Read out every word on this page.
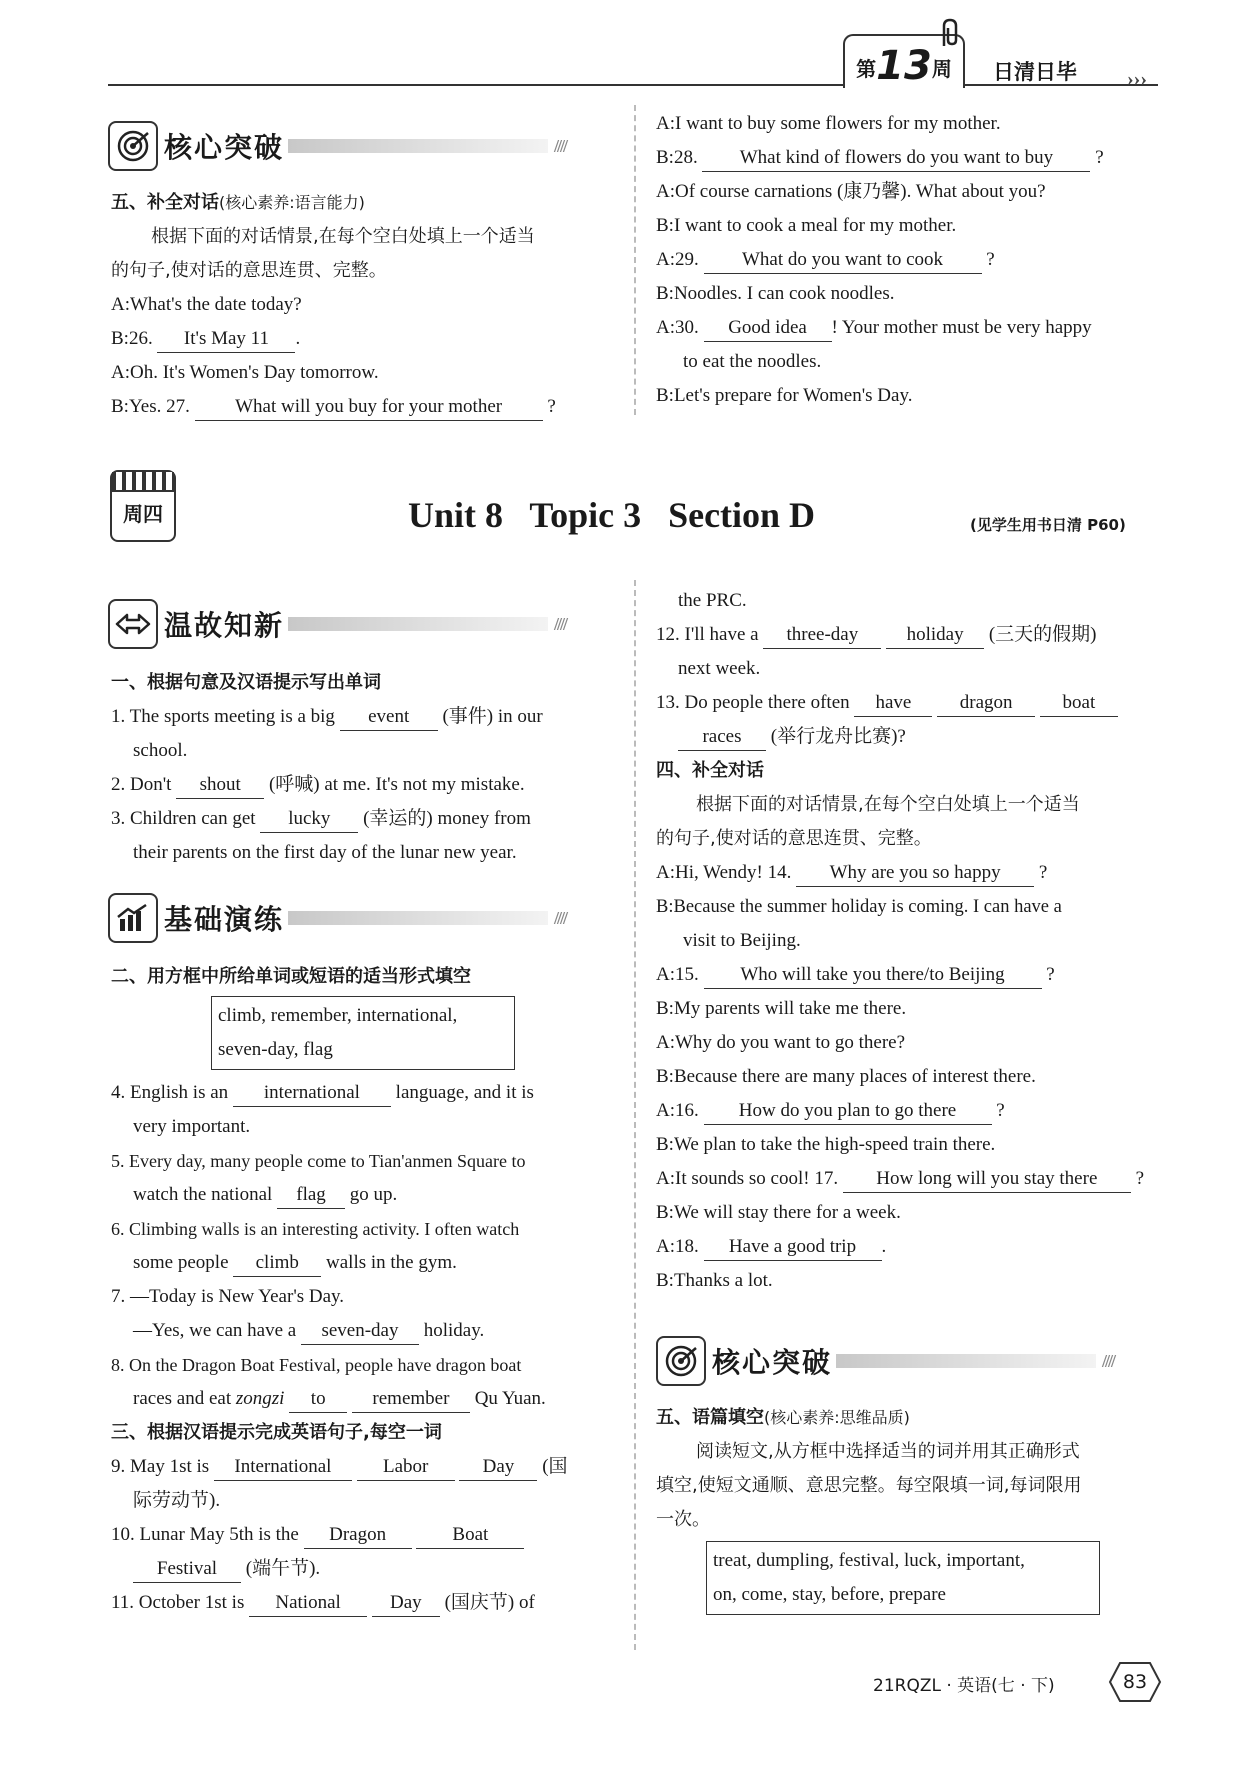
第 13 周 日清日毕	›››
核心突破	////
五、补全对话(核心素养:语言能力)
根据下面的对话情景,在每个空白处填上一个适当
的句子,使对话的意思连贯、完整。
A:What's the date today?
B:26. It's May 11 .
A:Oh. It's Women's Day tomorrow.
B:Yes. 27. What will you buy for your mother ?
A:I want to buy some flowers for my mother.
B:28. What kind of flowers do you want to buy ?
A:Of course carnations (康乃馨). What about you?
B:I want to cook a meal for my mother.
A:29. What do you want to cook ?
B:Noodles. I can cook noodles.
A:30. Good idea ! Your mother must be very happy
to eat the noodles.
B:Let's prepare for Women's Day.
周四	Unit 8   Topic 3   Section D	(见学生用书日清 P60)
温故知新	////
一、根据句意及汉语提示写出单词
1. The sports meeting is a big event (事件) in our
school.
2. Don't shout (呼喊) at me. It's not my mistake.
3. Children can get lucky (幸运的) money from
their parents on the first day of the lunar new year.
基础演练	////
二、用方框中所给单词或短语的适当形式填空
climb, remember, international,
seven-day, flag
4. English is an international language, and it is
very important.
5. Every day, many people come to Tian'anmen Square to
watch the national flag go up.
6. Climbing walls is an interesting activity. I often watch
some people climb walls in the gym.
7. —Today is New Year's Day.
—Yes, we can have a seven-day holiday.
8. On the Dragon Boat Festival, people have dragon boat
races and eat zongzi to remember Qu Yuan.
三、根据汉语提示完成英语句子,每空一词
9. May 1st is International	Labor	Day (国
际劳动节).
10. Lunar May 5th is the Dragon	Boat
Festival (端午节).
11. October 1st is National	Day (国庆节) of
the PRC.
12. I'll have a three-day	holiday (三天的假期)
next week.
13. Do people there often have	dragon	boat
races (举行龙舟比赛)?
四、补全对话
根据下面的对话情景,在每个空白处填上一个适当
的句子,使对话的意思连贯、完整。
A:Hi, Wendy! 14. Why are you so happy ?
B:Because the summer holiday is coming. I can have a
visit to Beijing.
A:15. Who will take you there/to Beijing ?
B:My parents will take me there.
A:Why do you want to go there?
B:Because there are many places of interest there.
A:16. How do you plan to go there ?
B:We plan to take the high-speed train there.
A:It sounds so cool! 17. How long will you stay there ?
B:We will stay there for a week.
A:18. Have a good trip .
B:Thanks a lot.
核心突破	////
五、语篇填空(核心素养:思维品质)
阅读短文,从方框中选择适当的词并用其正确形式
填空,使短文通顺、意思完整。每空限填一词,每词限用
一次。
treat, dumpling, festival, luck, important,
on, come, stay, before, prepare
21RQZL · 英语(七 · 下)	83
